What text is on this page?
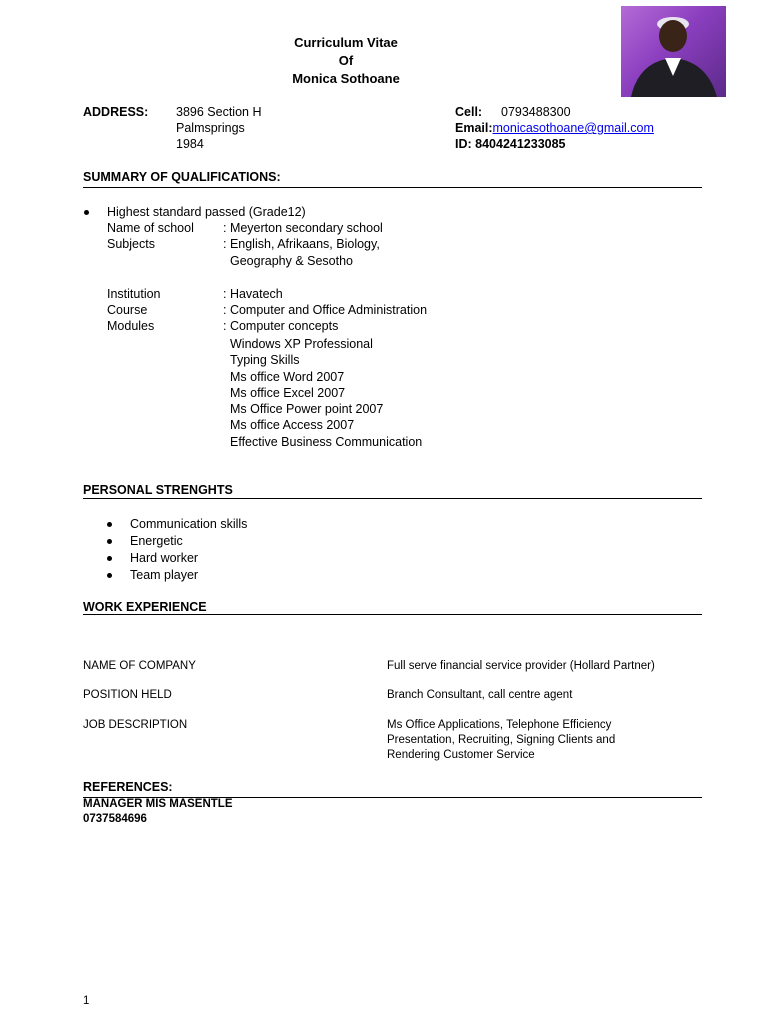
Curriculum Vitae
Of
Monica Sothoane
ADDRESS: 3896 Section H
Palmsprings
1984
Cell: 0793488300
Email:monicasothoane@gmail.com
ID: 8404241233085
SUMMARY OF QUALIFICATIONS:
Highest standard passed (Grade12)
Name of school : Meyerton secondary school
Subjects	: English, Afrikaans, Biology,
Geography & Sesotho
Institution	: Havatech
Course	: Computer and Office Administration
Modules	: Computer concepts
Windows XP Professional
Typing Skills
Ms office Word 2007
Ms office Excel 2007
Ms Office Power point 2007
Ms office Access 2007
Effective Business Communication
PERSONAL STRENGHTS
Communication skills
Energetic
Hard worker
Team player
WORK EXPERIENCE
NAME OF COMPANY	Full serve financial service provider (Hollard Partner)
POSITION HELD	Branch Consultant, call centre agent
JOB DESCRIPTION	Ms Office Applications, Telephone Efficiency
Presentation, Recruiting, Signing Clients and
Rendering Customer Service
REFERENCES:
MANAGER MIS MASENTLE
0737584696
1
